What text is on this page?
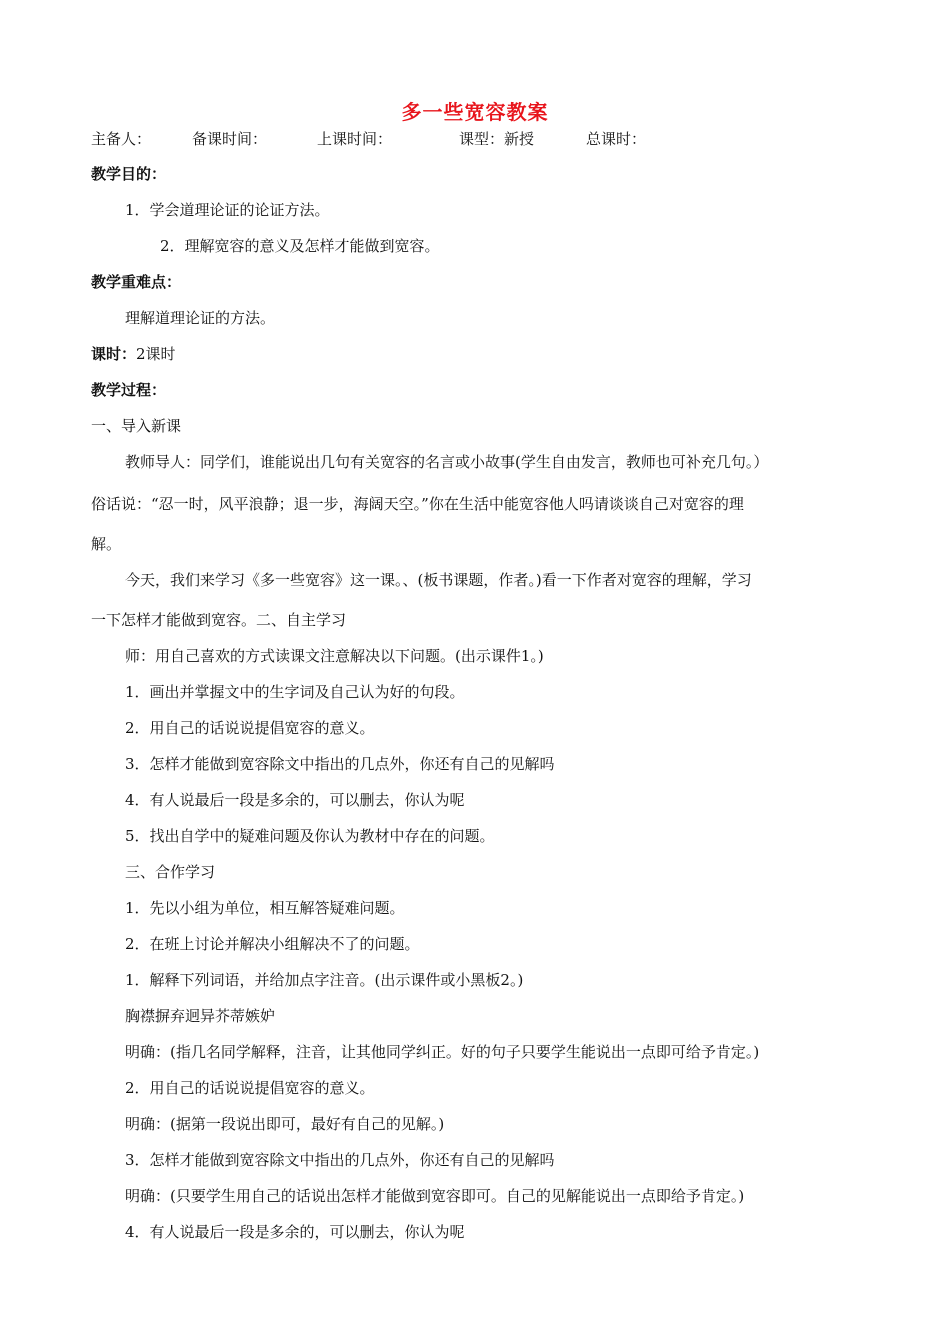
多一些宽容教案
主备人：	备课时间：	上课时间：	课型：新授	总课时：
教学目的：
1．学会道理论证的论证方法。
2．理解宽容的意义及怎样才能做到宽容。
教学重难点：
理解道理论证的方法。
课时：2课时
教学过程：
一、导入新课
教师导人：同学们，谁能说出几句有关宽容的名言或小故事(学生自由发言，教师也可补充几句。）
俗话说：“忍一时，风平浪静；退一步，海阔天空。”你在生活中能宽容他人吗请谈谈自己对宽容的理
解。
今天，我们来学习《多一些宽容》这一课。、(板书课题，作者。)看一下作者对宽容的理解，学习
一下怎样才能做到宽容。二、自主学习
师：用自己喜欢的方式读课文注意解决以下问题。(出示课件1。)
1．画出并掌握文中的生字词及自己认为好的句段。
2．用自己的话说说提倡宽容的意义。
3．怎样才能做到宽容除文中指出的几点外，你还有自己的见解吗
4．有人说最后一段是多余的，可以删去，你认为呢
5．找出自学中的疑难问题及你认为教材中存在的问题。
三、合作学习
1．先以小组为单位，相互解答疑难问题。
2．在班上讨论并解决小组解决不了的问题。
1．解释下列词语，并给加点字注音。(出示课件或小黑板2。)
胸襟摒弃迥异芥蒂嫉妒
明确：(指几名同学解释，注音，让其他同学纠正。好的句子只要学生能说出一点即可给予肯定。)
2．用自己的话说说提倡宽容的意义。
明确：(据第一段说出即可，最好有自己的见解。)
3．怎样才能做到宽容除文中指出的几点外，你还有自己的见解吗
明确：(只要学生用自己的话说出怎样才能做到宽容即可。自己的见解能说出一点即给予肯定。)
4．有人说最后一段是多余的，可以删去，你认为呢
